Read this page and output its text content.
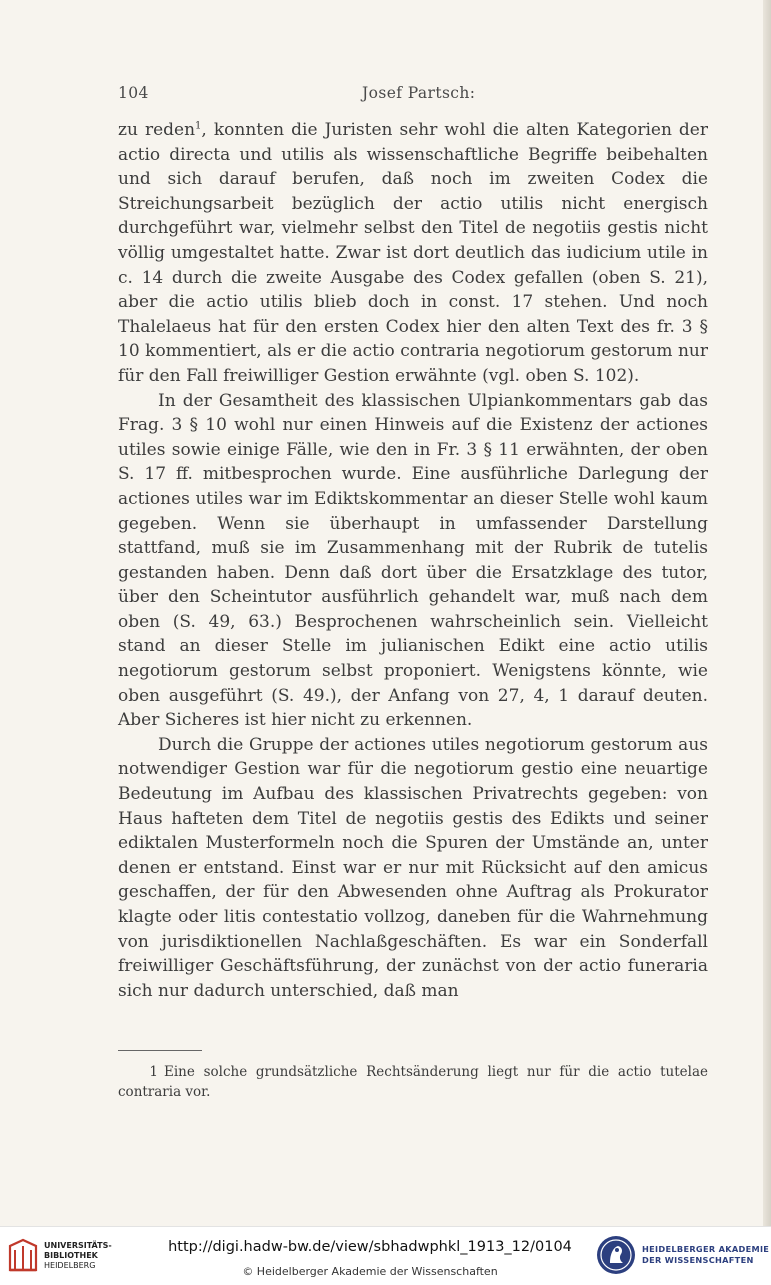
104	Josef Partsch:

zu reden$^1$, konnten die Juristen sehr wohl die alten Kategorien der actio directa und utilis als wissenschaftliche Begriffe beibehalten und sich darauf berufen, daß noch im zweiten Codex die Streichungsarbeit bezüglich der actio utilis nicht energisch durchgeführt war, vielmehr selbst den Titel de negotiis gestis nicht völlig umgestaltet hatte. Zwar ist dort deutlich das iudicium utile in c. 14 durch die zweite Ausgabe des Codex gefallen (oben S. 21), aber die actio utilis blieb doch in const. 17 stehen. Und noch Thalelaeus hat für den ersten Codex hier den alten Text des fr. 3 § 10 kommentiert, als er die actio contraria negotiorum gestorum nur für den Fall freiwilliger Gestion erwähnte (vgl. oben S. 102).

In der Gesamtheit des klassischen Ulpiankommentars gab das Frag. 3 § 10 wohl nur einen Hinweis auf die Existenz der actiones utiles sowie einige Fälle, wie den in Fr. 3 § 11 erwähnten, der oben S. 17 ff. mitbesprochen wurde. Eine ausführliche Darlegung der actiones utiles war im Ediktskommentar an dieser Stelle wohl kaum gegeben. Wenn sie überhaupt in umfassender Darstellung stattfand, muß sie im Zusammenhang mit der Rubrik de tutelis gestanden haben. Denn daß dort über die Ersatzklage des tutor, über den Scheintutor ausführlich gehandelt war, muß nach dem oben (S. 49, 63.) Besprochenen wahrscheinlich sein. Vielleicht stand an dieser Stelle im julianischen Edikt eine actio utilis negotiorum gestorum selbst proponiert. Wenigstens könnte, wie oben ausgeführt (S. 49.), der Anfang von 27, 4, 1 darauf deuten. Aber Sicheres ist hier nicht zu erkennen.

Durch die Gruppe der actiones utiles negotiorum gestorum aus notwendiger Gestion war für die negotiorum gestio eine neuartige Bedeutung im Aufbau des klassischen Privatrechts gegeben: von Haus hafteten dem Titel de negotiis gestis des Edikts und seiner ediktalen Musterformeln noch die Spuren der Umstände an, unter denen er entstand. Einst war er nur mit Rücksicht auf den amicus geschaffen, der für den Abwesenden ohne Auftrag als Prokurator klagte oder litis contestatio vollzog, daneben für die Wahrnehmung von jurisdiktionellen Nachlaßgeschäften. Es war ein Sonderfall freiwilliger Geschäftsführung, der zunächst von der actio funeraria sich nur dadurch unterschied, daß man

1 Eine solche grundsätzliche Rechtsänderung liegt nur für die actio tutelae contraria vor.
UNIVERSITÄTS-
BIBLIOTHEK
HEIDELBERG
http://digi.hadw-bw.de/view/sbhadwphkl_1913_12/0104
© Heidelberger Akademie der Wissenschaften
HEIDELBERGER AKADEMIE
DER WISSENSCHAFTEN
